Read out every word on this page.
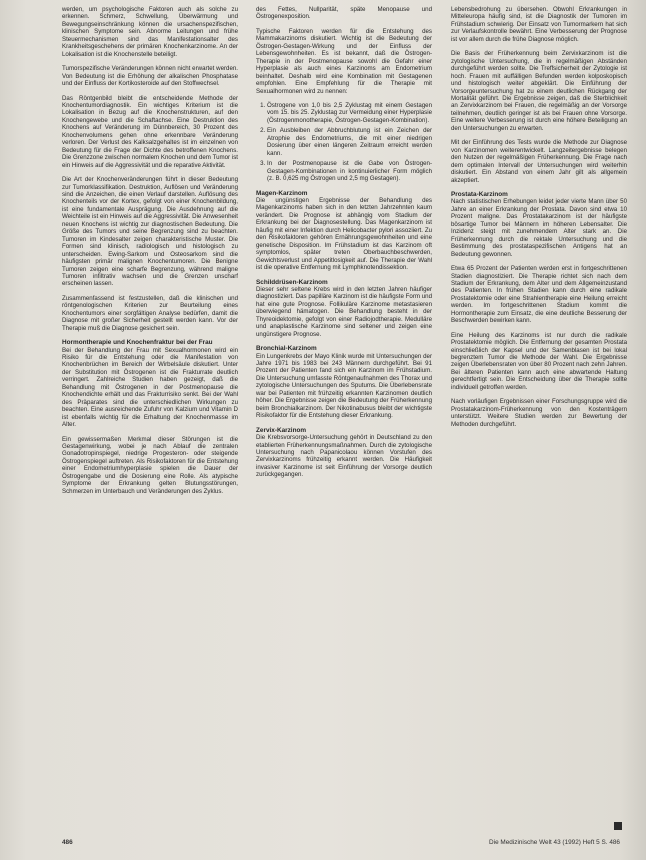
werden, um psychologische Faktoren auch als solche zu erkennen. Schmerz, Schwellung, Überwärmung und Bewegungseinschränkung können die ursachenspezifischen, klinischen Symptome sein. Abnorme Leitungen und frühe Steuermechanismen sind das Manifestationsalter des Krankheitsgeschehens der primären Knochenkarzinome. An der Lokalisation ist die Knochenstelle beteiligt.

Tumorspezifische Veränderungen können nicht erwartet werden. Von Bedeutung ist die Erhöhung der alkalischen Phosphatase und der Einfluss der Kortikosteroide auf den Stoffwechsel.

Das Röntgenbild bleibt die entscheidende Methode der Knochentumordiagnostik. Ein wichtiges Kriterium ist die Lokalisation in Bezug auf die Knochenstrukturen, auf den Knochengewebe und die Schaftachse. Eine Destruktion des Knochens auf Veränderung im Dünnbereich, 30 Prozent des Knochenvolumens gehen ohne erkennbare Veränderung verloren. Der Verlust des Kalksalzgehaltes ist im einzelnen von Bedeutung für die Frage der Dichte des betroffenen Knochens. Die Grenzzone zwischen normalem Knochen und dem Tumor ist ein Hinweis auf die Aggressivität und die reparative Aktivität.

Die Art der Knochenveränderungen führt in dieser Bedeutung zur Tumorklassifikation. Destruktion, Auflösen und Veränderung sind die Anzeichen, die einen Verlauf darstellen. Auflösung des Knochenteils vor der Kortex, gefolgt von einer Knochenbildung, ist eine fundamentale Ausprägung. Die Ausdehnung auf die Weichteile ist ein Hinweis auf die Aggressivität. Die Anwesenheit neuen Knochens ist wichtig zur diagnostischen Bedeutung. Die Größe des Tumors und seine Begrenzung sind zu beachten. Tumoren im Kindesalter zeigen charakteristische Muster. Die Formen sind klinisch, radiologisch und histologisch zu unterscheiden. Ewing-Sarkom und Osteosarkom sind die häufigsten primär malignen Knochentumoren. Die Benigne Tumoren zeigen eine scharfe Begrenzung, während maligne Tumoren infiltrativ wachsen und die Grenzen unscharf erscheinen lassen.

Zusammenfassend ist festzustellen, daß die klinischen und röntgenologischen Kriterien zur Beurteilung eines Knochentumors einer sorgfältigen Analyse bedürfen, damit die Diagnose mit großer Sicherheit gestellt werden kann. Vor der Therapie muß die Diagnose gesichert sein.

Hormontherapie und Knochenfraktur bei der Frau

Bei der Behandlung der Frau mit Sexualhormonen wird ein Risiko für die Entstehung oder die Manifestation von Knochenbrüchen im Bereich der Wirbelsäule diskutiert. Unter der Substitution mit Östrogenen ist die Frakturrate deutlich verringert. Zahlreiche Studien haben gezeigt, daß die Behandlung mit Östrogenen in der Postmenopause die Knochendichte erhält und das Frakturrisiko senkt. Bei der Wahl des Präparates sind die unterschiedlichen Wirkungen zu beachten. Eine ausreichende Zufuhr von Kalzium und Vitamin D ist ebenfalls wichtig für die Erhaltung der Knochenmasse im Alter.

Ein gewissermaßen Merkmal dieser Störungen ist die Gestagenwirkung, wobei je nach Ablauf die zentralen Gonadotropinspiegel, niedrige Progesteron- oder steigende Östrogenspiegel auftreten. Als Risikofaktoren für die Entstehung einer Endometriumhyperplasie spielen die Dauer der Östrogengabe und die Dosierung eine Rolle. Als atypische Symptome der Erkrankung gelten Blutungsstörungen, Schmerzen im Unterbauch und Veränderungen des Zyklus.

des Fettes, Nullparität, späte Menopause und Östrogenexposition.

Typische Faktoren werden für die Entstehung des Mammakarzinoms diskutiert. Wichtig ist die Bedeutung der Östrogen-Gestagen-Wirkung und der Einfluss der Lebensgewohnheiten. Es ist bekannt, daß die Östrogen-Therapie in der Postmenopause sowohl die Gefahr einer Hyperplasie als auch eines Karzinoms am Endometrium beinhaltet. Deshalb wird eine Kombination mit Gestagenen empfohlen. Eine Empfehlung für die Therapie mit Sexualhormonen wird zu nennen:

1. Östrogene von 1,0 bis 2,5 Zyklustag mit einem Gestagen vom 15. bis 25. Zyklustag zur Vermeidung einer Hyperplasie (Östrogenmonotherapie, Östrogen-Gestagen-Kombination).
2. Ein Ausbleiben der Abbruchblutung ist ein Zeichen der Atrophie des Endometriums, die mit einer niedrigen Dosierung über einen längeren Zeitraum erreicht werden kann.
3. In der Postmenopause ist die Gabe von Östrogen-Gestagen-Kombinationen in kontinuierlicher Form möglich (z. B. 0,625 mg Östrogen und 2,5 mg Gestagen).
Magen-Karzinom

Die ungünstigen Ergebnisse der Behandlung des Magenkarzinoms haben sich in den letzten Jahrzehnten kaum verändert. Die Prognose ist abhängig vom Stadium der Erkrankung bei der Diagnosestellung. Das Magenkarzinom ist häufig mit einer Infektion durch Helicobacter pylori assoziiert. Zu den Risikofaktoren gehören Ernährungsgewohnheiten und eine genetische Disposition. Im Frühstadium ist das Karzinom oft symptomlos, später treten Oberbauchbeschwerden, Gewichtsverlust und Appetitlosigkeit auf. Die Therapie der Wahl ist die operative Entfernung mit Lymphknotendissektion.

Schilddrüsen-Karzinom

Dieser sehr seltene Krebs wird in den letzten Jahren häufiger diagnostiziert. Das papilläre Karzinom ist die häufigste Form und hat eine gute Prognose. Follikuläre Karzinome metastasieren überwiegend hämatogen. Die Behandlung besteht in der Thyreoidektomie, gefolgt von einer Radiojodtherapie. Medulläre und anaplastische Karzinome sind seltener und zeigen eine ungünstigere Prognose.

Bronchial-Karzinom

Ein Lungenkrebs der Mayo Klinik wurde mit Untersuchungen der Jahre 1971 bis 1983 bei 243 Männern durchgeführt. Bei 91 Prozent der Patienten fand sich ein Karzinom im Frühstadium. Die Untersuchung umfasste Röntgenaufnahmen des Thorax und zytologische Untersuchungen des Sputums. Die Überlebensrate war bei Patienten mit frühzeitig erkannten Karzinomen deutlich höher. Die Ergebnisse zeigen die Bedeutung der Früherkennung beim Bronchialkarzinom. Der Nikotinabusus bleibt der wichtigste Risikofaktor für die Entstehung dieser Erkrankung.

Zervix-Karzinom

Die Krebsvorsorge-Untersuchung gehört in Deutschland zu den etablierten Früherkennungsmaßnahmen. Durch die zytologische Untersuchung nach Papanicolaou können Vorstufen des Zervixkarzinoms frühzeitig erkannt werden. Die Häufigkeit invasiver Karzinome ist seit Einführung der Vorsorge deutlich zurückgegangen.

Lebensbedrohung zu übersehen. Obwohl Erkrankungen in Mitteleuropa häufig sind, ist die Diagnostik der Tumoren im Frühstadium schwierig. Der Einsatz von Tumormarkern hat sich zur Verlaufskontrolle bewährt. Eine Verbesserung der Prognose ist vor allem durch die frühe Diagnose möglich.

Die Basis der Früherkennung beim Zervixkarzinom ist die zytologische Untersuchung, die in regelmäßigen Abständen durchgeführt werden sollte. Die Treffsicherheit der Zytologie ist hoch. Frauen mit auffälligen Befunden werden kolposkopisch und histologisch weiter abgeklärt. Die Einführung der Vorsorgeuntersuchung hat zu einem deutlichen Rückgang der Mortalität geführt. Die Ergebnisse zeigen, daß die Sterblichkeit an Zervixkarzinom bei Frauen, die regelmäßig an der Vorsorge teilnehmen, deutlich geringer ist als bei Frauen ohne Vorsorge. Eine weitere Verbesserung ist durch eine höhere Beteiligung an den Untersuchungen zu erwarten.

Mit der Einführung des Tests wurde die Methode zur Diagnose von Karzinomen weiterentwickelt. Langzeitergebnisse belegen den Nutzen der regelmäßigen Früherkennung. Die Frage nach dem optimalen Intervall der Untersuchungen wird weiterhin diskutiert. Ein Abstand von einem Jahr gilt als allgemein akzeptiert.

Prostata-Karzinom

Nach statistischen Erhebungen leidet jeder vierte Mann über 50 Jahre an einer Erkrankung der Prostata. Davon sind etwa 10 Prozent maligne. Das Prostatakarzinom ist der häufigste bösartige Tumor bei Männern im höheren Lebensalter. Die Inzidenz steigt mit zunehmendem Alter stark an. Die Früherkennung durch die rektale Untersuchung und die Bestimmung des prostataspezifischen Antigens hat an Bedeutung gewonnen.

Etwa 65 Prozent der Patienten werden erst in fortgeschrittenen Stadien diagnostiziert. Die Therapie richtet sich nach dem Stadium der Erkrankung, dem Alter und dem Allgemeinzustand des Patienten. In frühen Stadien kann durch eine radikale Prostatektomie oder eine Strahlentherapie eine Heilung erreicht werden. Im fortgeschrittenen Stadium kommt die Hormontherapie zum Einsatz, die eine deutliche Besserung der Beschwerden bewirken kann.

Eine Heilung des Karzinoms ist nur durch die radikale Prostatektomie möglich. Die Entfernung der gesamten Prostata einschließlich der Kapsel und der Samenblasen ist bei lokal begrenztem Tumor die Methode der Wahl. Die Ergebnisse zeigen Überlebensraten von über 80 Prozent nach zehn Jahren. Bei älteren Patienten kann auch eine abwartende Haltung gerechtfertigt sein. Die Entscheidung über die Therapie sollte individuell getroffen werden.

Nach vorläufigen Ergebnissen einer Forschungsgruppe wird die Prostatakarzinom-Früherkennung von den Kostenträgern unterstützt. Weitere Studien werden zur Bewertung der Methoden durchgeführt.

486	Die Medizinische Welt 43 (1992) Heft 5 S. 486
